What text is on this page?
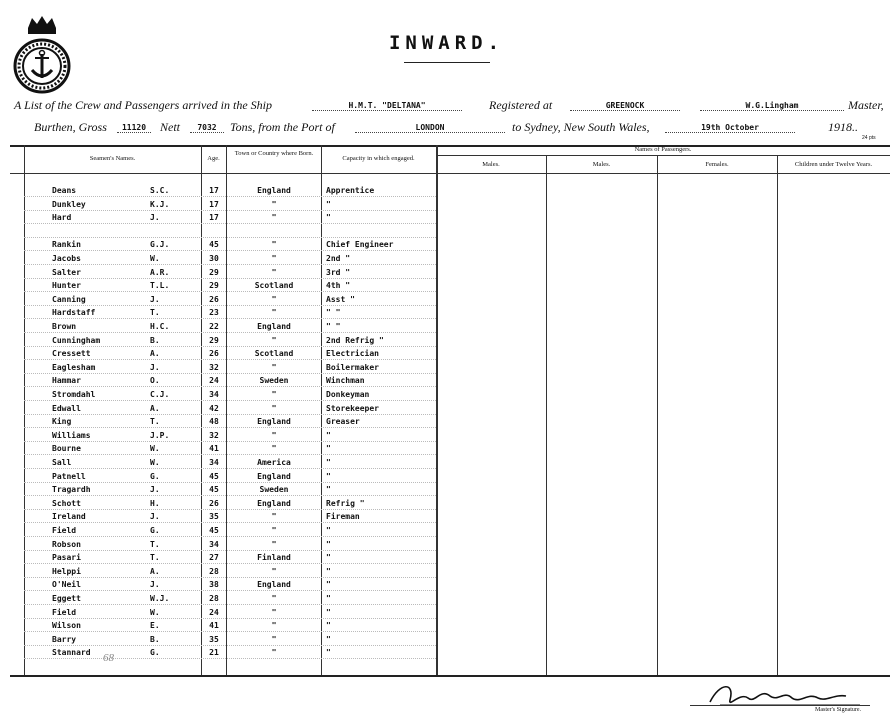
INWARD.
A List of the Crew and Passengers arrived in the Ship	H.M.T. "DELTANA"	Registered at	GREENOCK	W.G.Lingham	Master,
Burthen, Gross	11120	Nett	7032	Tons, from the Port of	LONDON	to Sydney, New South Wales,	19th October	1918..
24 pts
Seamen's Names.	Age.
Town or Country where Born.
Capacity in which engaged.
Names of Passengers.
Males.	Males.	Females.	Children under Twelve Years.
Deans	S.C.	17	England	Apprentice
Dunkley	K.J.	17	"	"
Hard	J.	17	"	"
Rankin	G.J.	45	"	Chief Engineer
Jacobs	W.	30	"	2nd "
Salter	A.R.	29	"	3rd "
Hunter	T.L.	29	Scotland	4th "
Canning	J.	26	"	Asst "
Hardstaff	T.	23	"	" "
Brown	H.C.	22	England	" "
Cunningham	B.	29	"	2nd Refrig "
Cressett	A.	26	Scotland	Electrician
Eaglesham	J.	32	"	Boilermaker
Hammar	O.	24	Sweden	Winchman
Stromdahl	C.J.	34	"	Donkeyman
Edwall	A.	42	"	Storekeeper
King	T.	48	England	Greaser
Williams	J.P.	32	"	"
Bourne	W.	41	"	"
Sall	W.	34	America	"
Patnell	G.	45	England	"
Tragardh	J.	45	Sweden	"
Schott	H.	26	England	Refrig "
Ireland	J.	35	"	Fireman
Field	G.	45	"	"
Robson	T.	34	"	"
Pasari	T.	27	Finland	"
Helppi	A.	28	"	"
O'Neil	J.	38	England	"
Eggett	W.J.	28	"	"
Field	W.	24	"	"
Wilson	E.	41	"	"
Barry	B.	35	"	"
Stannard	G.	21	"	"
68
Master's Signature.
